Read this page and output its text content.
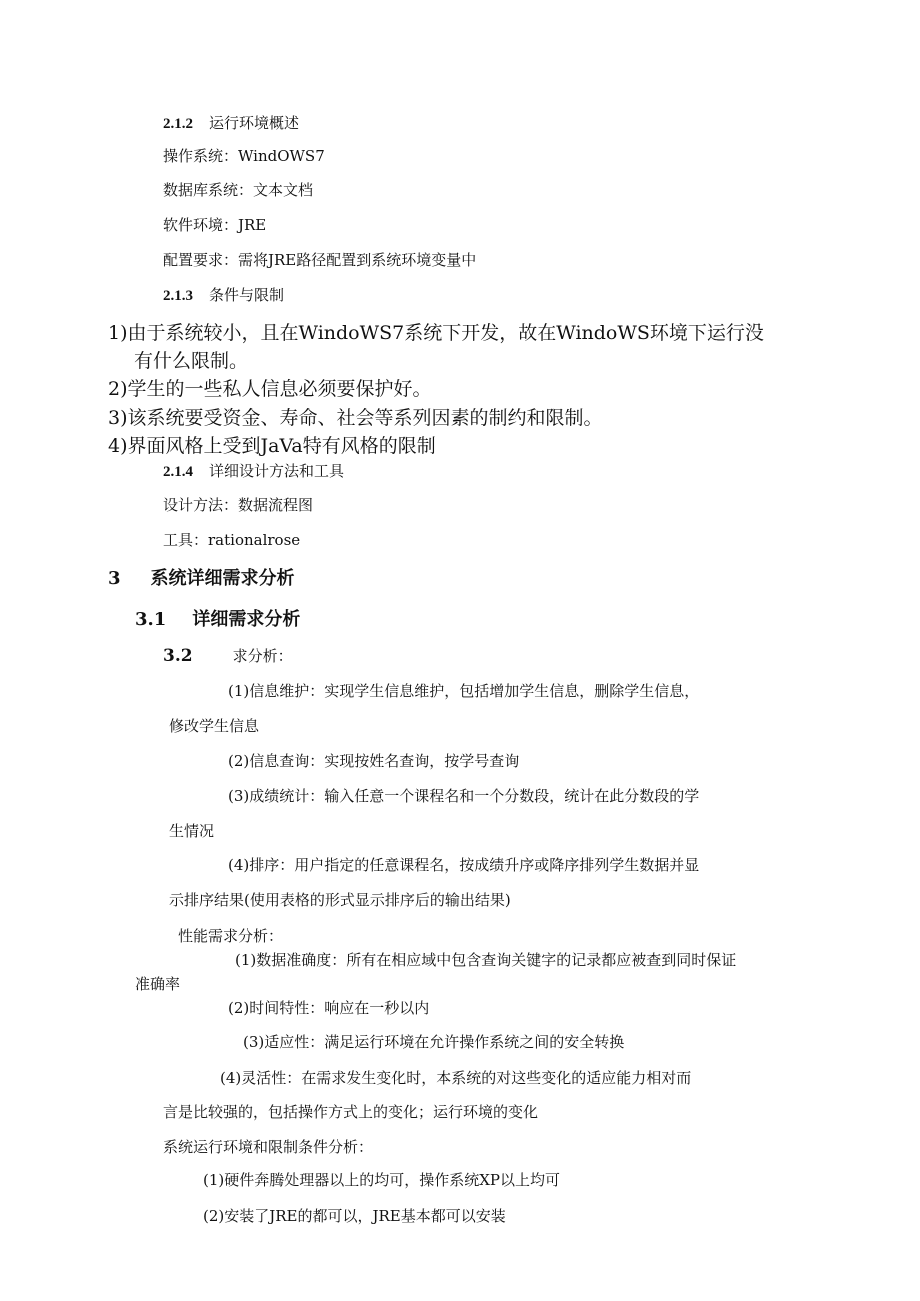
2.1.2 运行环境概述
操作系统：WindOWS7
数据库系统：文本文档
软件环境：JRE
配置要求：需将JRE路径配置到系统环境变量中
2.1.3 条件与限制
1)由于系统较小，且在WindoWS7系统下开发，故在WindoWS环境下运行没
有什么限制。
2)学生的一些私人信息必须要保护好。
3)该系统要受资金、寿命、社会等系列因素的制约和限制。
4)界面风格上受到JaVa特有风格的限制
2.1.4 详细设计方法和工具
设计方法：数据流程图
工具：rationalrose
3 系统详细需求分析
3.1 详细需求分析
3.2	求分析：
(1)信息维护：实现学生信息维护，包括增加学生信息，删除学生信息，
修改学生信息
(2)信息查询：实现按姓名查询，按学号查询
(3)成绩统计：输入任意一个课程名和一个分数段，统计在此分数段的学
生情况
(4)排序：用户指定的任意课程名，按成绩升序或降序排列学生数据并显
示排序结果(使用表格的形式显示排序后的输出结果)
性能需求分析：
(1)数据准确度：所有在相应域中包含查询关键字的记录都应被查到同时保证
准确率
(2)时间特性：响应在一秒以内
(3)适应性：满足运行环境在允许操作系统之间的安全转换
(4)灵活性：在需求发生变化时，本系统的对这些变化的适应能力相对而
言是比较强的，包括操作方式上的变化；运行环境的变化
系统运行环境和限制条件分析：
(1)硬件奔腾处理器以上的均可，操作系统XP以上均可
(2)安装了JRE的都可以，JRE基本都可以安装
